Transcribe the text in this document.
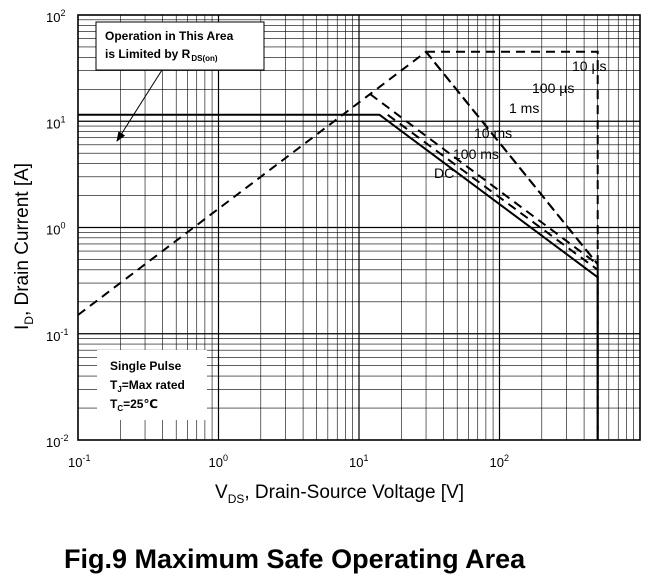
$10^{-1}$	$10^0$	$10^1$	$10^2$
$10^2$
$10^1$
$10^0$
$10^{-1}$
$10^{-2}$
Operation in This Area
is Limited by $R_{DS(on)}$
Single Pulse
$T_J=Max$ rated
$T_C=25℃$
10 µs
100 µs
1 ms
10 ms
100 ms
DC
$V_{DS}$, Drain-Source Voltage [V]
$I_D$, Drain Current [A]
Fig.9 Maximum Safe Operating Area
